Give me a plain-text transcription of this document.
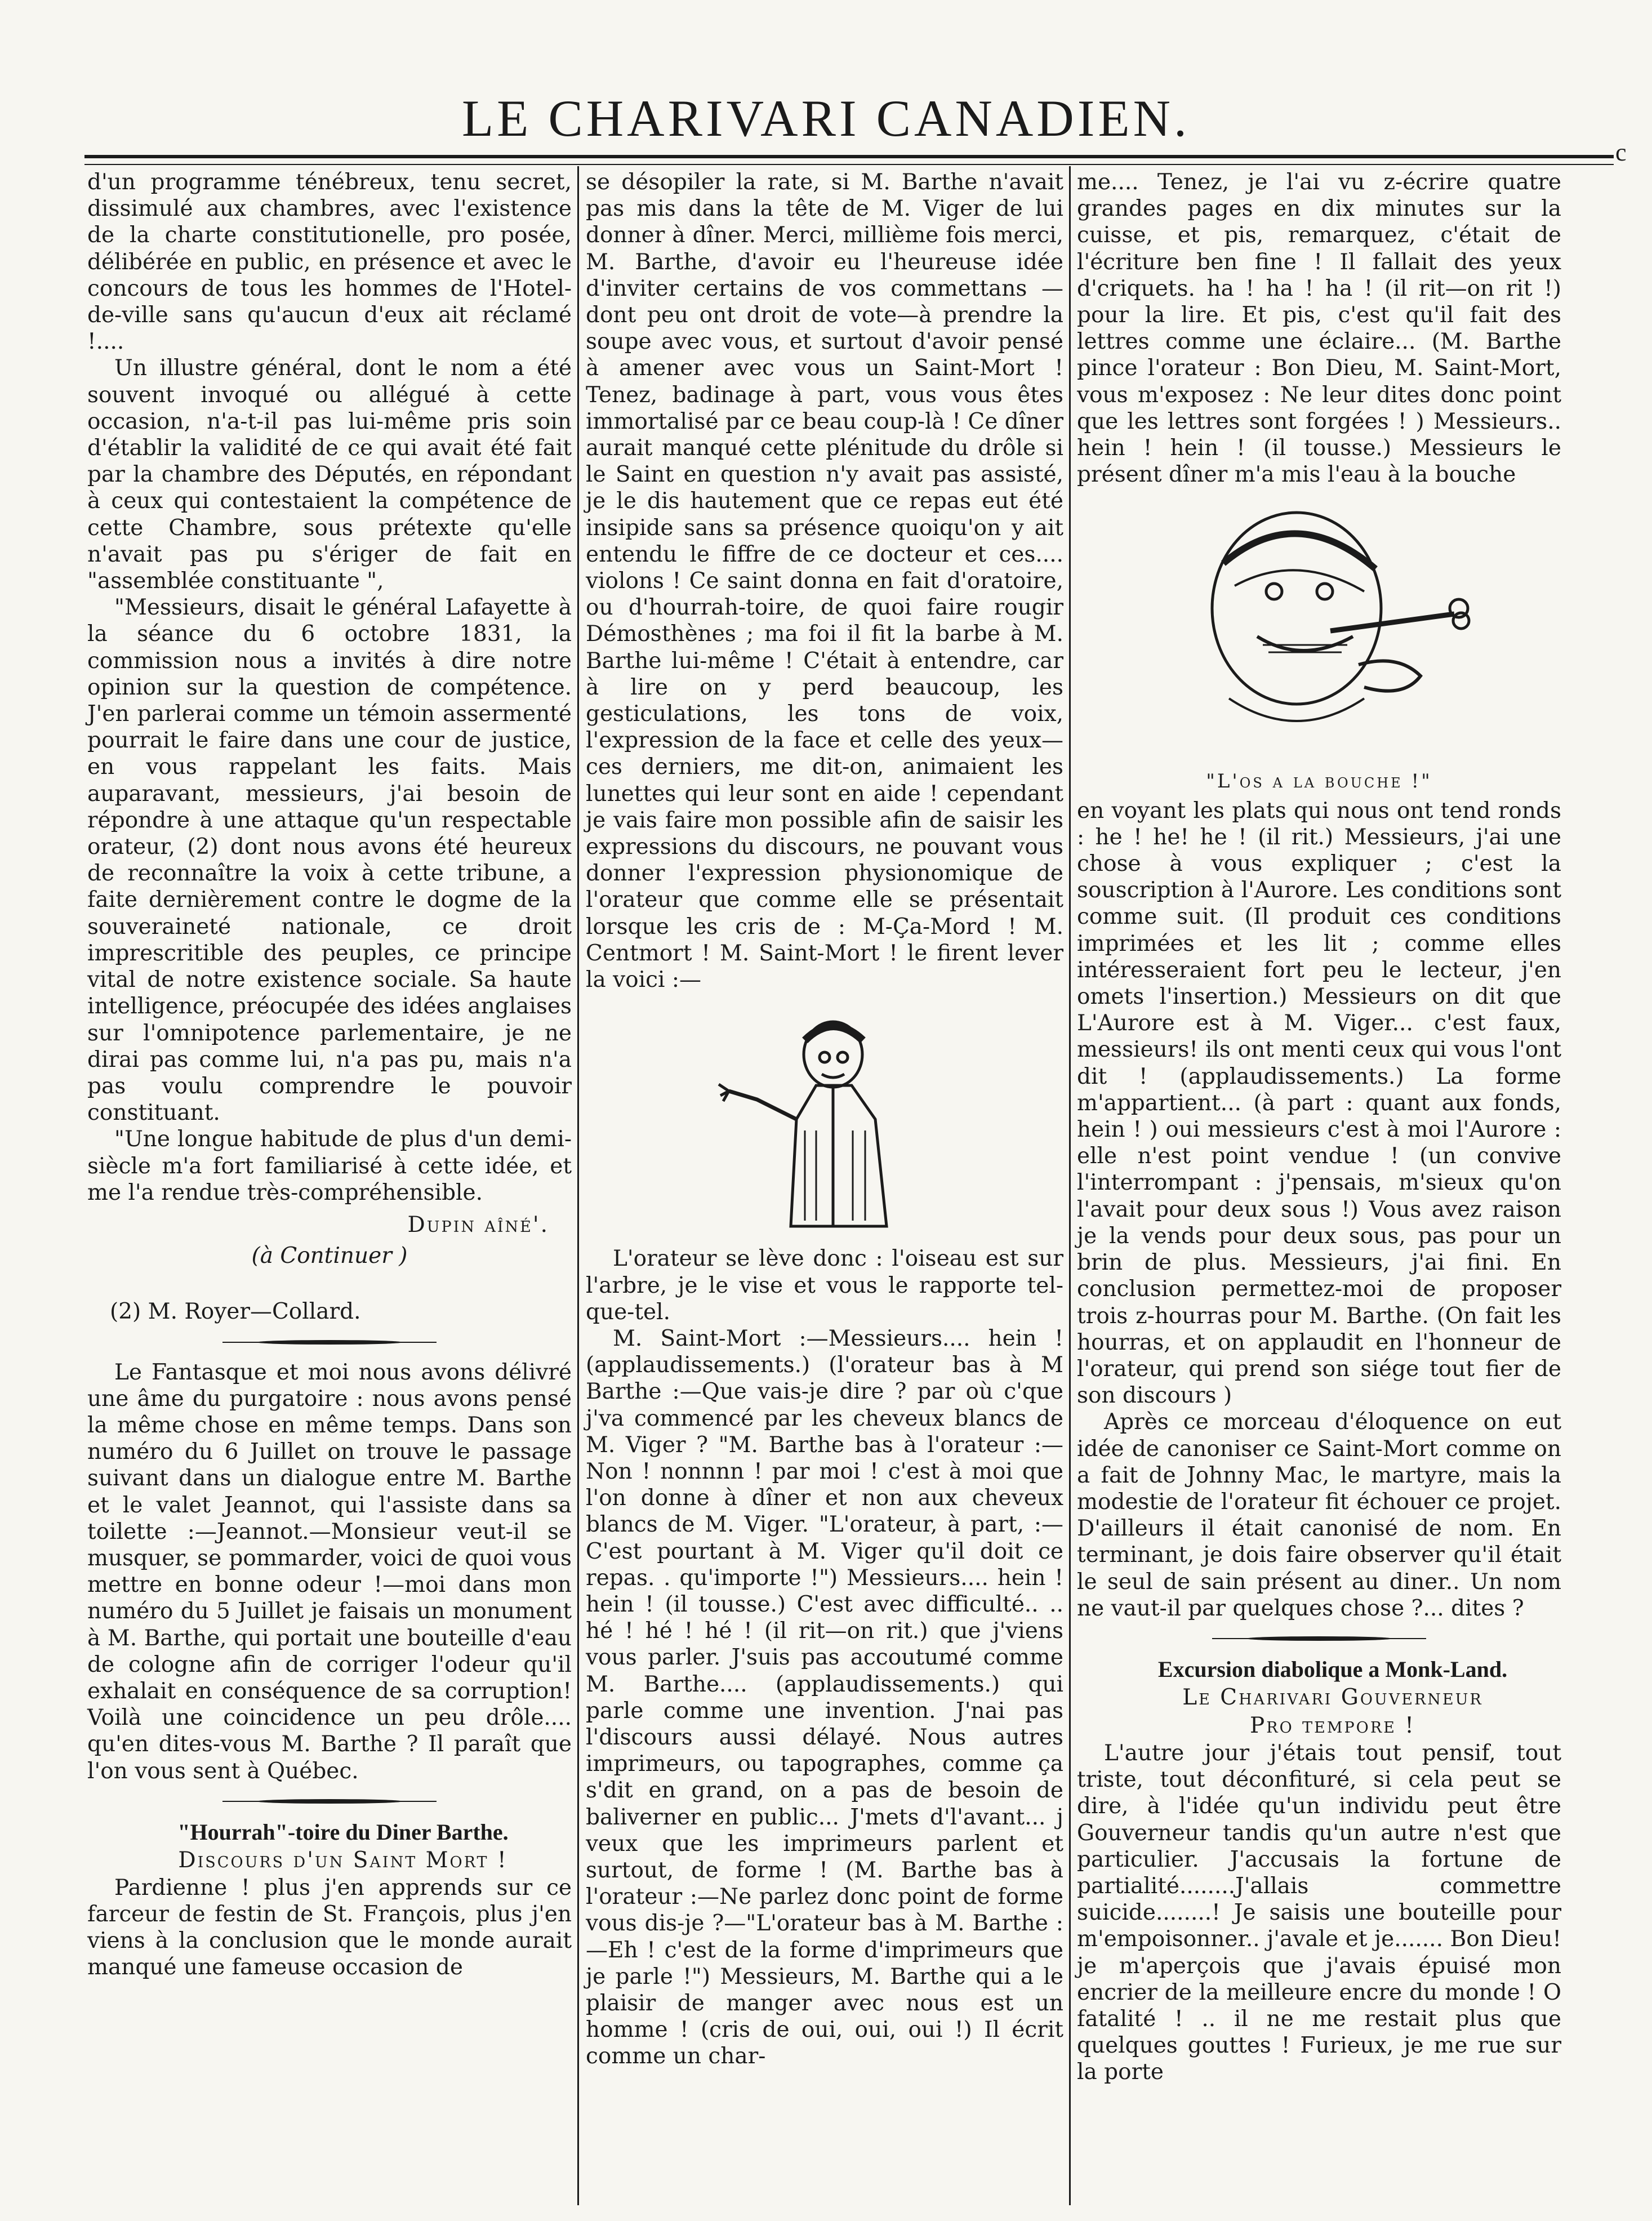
LE CHARIVARI CANADIEN.
c

d'un programme ténébreux, tenu secret, dissimulé aux chambres, avec l'existence de la charte constitutionelle, pro posée, délibérée en public, en présence et avec le concours de tous les hommes de l'Hotel-de-ville sans qu'aucun d'eux ait réclamé !....

Un illustre général, dont le nom a été souvent invoqué ou allégué à cette occasion, n'a-t-il pas lui-même pris soin d'établir la validité de ce qui avait été fait par la chambre des Députés, en répondant à ceux qui contestaient la compétence de cette Chambre, sous prétexte qu'elle n'avait pas pu s'ériger de fait en "assemblée constituante ",

"Messieurs, disait le général Lafayette à la séance du 6 octobre 1831, la commission nous a invités à dire notre opinion sur la question de compétence. J'en parlerai comme un témoin assermenté pourrait le faire dans une cour de justice, en vous rappelant les faits. Mais auparavant, messieurs, j'ai besoin de répondre à une attaque qu'un respectable orateur, (2) dont nous avons été heureux de reconnaître la voix à cette tribune, a faite dernièrement contre le dogme de la souveraineté nationale, ce droit imprescritible des peuples, ce principe vital de notre existence sociale. Sa haute intelligence, préocupée des idées anglaises sur l'omnipotence parlementaire, je ne dirai pas comme lui, n'a pas pu, mais n'a pas voulu comprendre le pouvoir constituant.

"Une longue habitude de plus d'un demi-siècle m'a fort familiarisé à cette idée, et me l'a rendue très-compréhensible.

Dupin aîné'.
(à Continuer )
(2) M. Royer—Collard.

Le Fantasque et moi nous avons délivré une âme du purgatoire : nous avons pensé la même chose en même temps. Dans son numéro du 6 Juillet on trouve le passage suivant dans un dialogue entre M. Barthe et le valet Jeannot, qui l'assiste dans sa toilette :—Jeannot.—Monsieur veut-il se musquer, se pommarder, voici de quoi vous mettre en bonne odeur !—moi dans mon numéro du 5 Juillet je faisais un monument à M. Barthe, qui portait une bouteille d'eau de cologne afin de corriger l'odeur qu'il exhalait en conséquence de sa corruption! Voilà une coincidence un peu drôle.... qu'en dites-vous M. Barthe ? Il paraît que l'on vous sent à Québec.

"Hourrah"-toire du Diner Barthe.

Discours d'un Saint Mort !

Pardienne ! plus j'en apprends sur ce farceur de festin de St. François, plus j'en viens à la conclusion que le monde aurait manqué une fameuse occasion de

se désopiler la rate, si M. Barthe n'avait pas mis dans la tête de M. Viger de lui donner à dîner. Merci, millième fois merci, M. Barthe, d'avoir eu l'heureuse idée d'inviter certains de vos commettans —dont peu ont droit de vote—à prendre la soupe avec vous, et surtout d'avoir pensé à amener avec vous un Saint-Mort ! Tenez, badinage à part, vous vous êtes immortalisé par ce beau coup-là ! Ce dîner aurait manqué cette plénitude du drôle si le Saint en question n'y avait pas assisté, je le dis hautement que ce repas eut été insipide sans sa présence quoiqu'on y ait entendu le fiffre de ce docteur et ces.... violons ! Ce saint donna en fait d'oratoire, ou d'hourrah-toire, de quoi faire rougir Démosthènes ; ma foi il fit la barbe à M. Barthe lui-même ! C'était à entendre, car à lire on y perd beaucoup, les gesticulations, les tons de voix, l'expression de la face et celle des yeux—ces derniers, me dit-on, animaient les lunettes qui leur sont en aide ! cependant je vais faire mon possible afin de saisir les expressions du discours, ne pouvant vous donner l'expression physionomique de l'orateur que comme elle se présentait lorsque les cris de : M-Ça-Mord ! M. Centmort ! M. Saint-Mort ! le firent lever la voici :—

L'orateur se lève donc : l'oiseau est sur l'arbre, je le vise et vous le rapporte tel-que-tel.

M. Saint-Mort :—Messieurs.... hein ! (applaudissements.) (l'orateur bas à M Barthe :—Que vais-je dire ? par où c'que j'va commencé par les cheveux blancs de M. Viger ? "M. Barthe bas à l'orateur :—Non ! nonnnn ! par moi ! c'est à moi que l'on donne à dîner et non aux cheveux blancs de M. Viger. "L'orateur, à part, :—C'est pourtant à M. Viger qu'il doit ce repas. . qu'importe !") Messieurs.... hein ! hein ! (il tousse.) C'est avec difficulté.. .. hé ! hé ! hé ! (il rit—on rit.) que j'viens vous parler. J'suis pas accoutumé comme M. Barthe.... (applaudissements.) qui parle comme une invention. J'nai pas l'discours aussi délayé. Nous autres imprimeurs, ou tapographes, comme ça s'dit en grand, on a pas de besoin de baliverner en public... J'mets d'l'avant... j veux que les imprimeurs parlent et surtout, de forme ! (M. Barthe bas à l'orateur :—Ne parlez donc point de forme vous dis-je ?—"L'orateur bas à M. Barthe :—Eh ! c'est de la forme d'imprimeurs que je parle !") Messieurs, M. Barthe qui a le plaisir de manger avec nous est un homme ! (cris de oui, oui, oui !) Il écrit comme un char-

me.... Tenez, je l'ai vu z-écrire quatre grandes pages en dix minutes sur la cuisse, et pis, remarquez, c'était de l'écriture ben fine ! Il fallait des yeux d'criquets. ha ! ha ! ha ! (il rit—on rit !) pour la lire. Et pis, c'est qu'il fait des lettres comme une éclaire... (M. Barthe pince l'orateur : Bon Dieu, M. Saint-Mort, vous m'exposez : Ne leur dites donc point que les lettres sont forgées ! ) Messieurs.. hein ! hein ! (il tousse.) Messieurs le présent dîner m'a mis l'eau à la bouche

"L'os a la bouche !"

en voyant les plats qui nous ont tend ronds : he ! he! he ! (il rit.) Messieurs, j'ai une chose à vous expliquer ; c'est la souscription à l'Aurore. Les conditions sont comme suit. (Il produit ces conditions imprimées et les lit ; comme elles intéresseraient fort peu le lecteur, j'en omets l'insertion.) Messieurs on dit que L'Aurore est à M. Viger... c'est faux, messieurs! ils ont menti ceux qui vous l'ont dit ! (applaudissements.) La forme m'appartient... (à part : quant aux fonds, hein ! ) oui messieurs c'est à moi l'Aurore : elle n'est point vendue ! (un convive l'interrompant : j'pensais, m'sieux qu'on l'avait pour deux sous !) Vous avez raison je la vends pour deux sous, pas pour un brin de plus. Messieurs, j'ai fini. En conclusion permettez-moi de proposer trois z-hourras pour M. Barthe. (On fait les hourras, et on applaudit en l'honneur de l'orateur, qui prend son siége tout fier de son discours )

Après ce morceau d'éloquence on eut idée de canoniser ce Saint-Mort comme on a fait de Johnny Mac, le martyre, mais la modestie de l'orateur fit échouer ce projet. D'ailleurs il était canonisé de nom. En terminant, je dois faire observer qu'il était le seul de sain présent au diner.. Un nom ne vaut-il par quelques chose ?... dites ?

Excursion diabolique a Monk-Land.

Le Charivari Gouverneur

Pro tempore !

L'autre jour j'étais tout pensif, tout triste, tout déconfituré, si cela peut se dire, à l'idée qu'un individu peut être Gouverneur tandis qu'un autre n'est que particulier. J'accusais la fortune de partialité........J'allais commettre suicide........! Je saisis une bouteille pour m'empoisonner.. j'avale et je....... Bon Dieu! je m'aperçois que j'avais épuisé mon encrier de la meilleure encre du monde ! O fatalité ! .. il ne me restait plus que quelques gouttes ! Furieux, je me rue sur la porte
